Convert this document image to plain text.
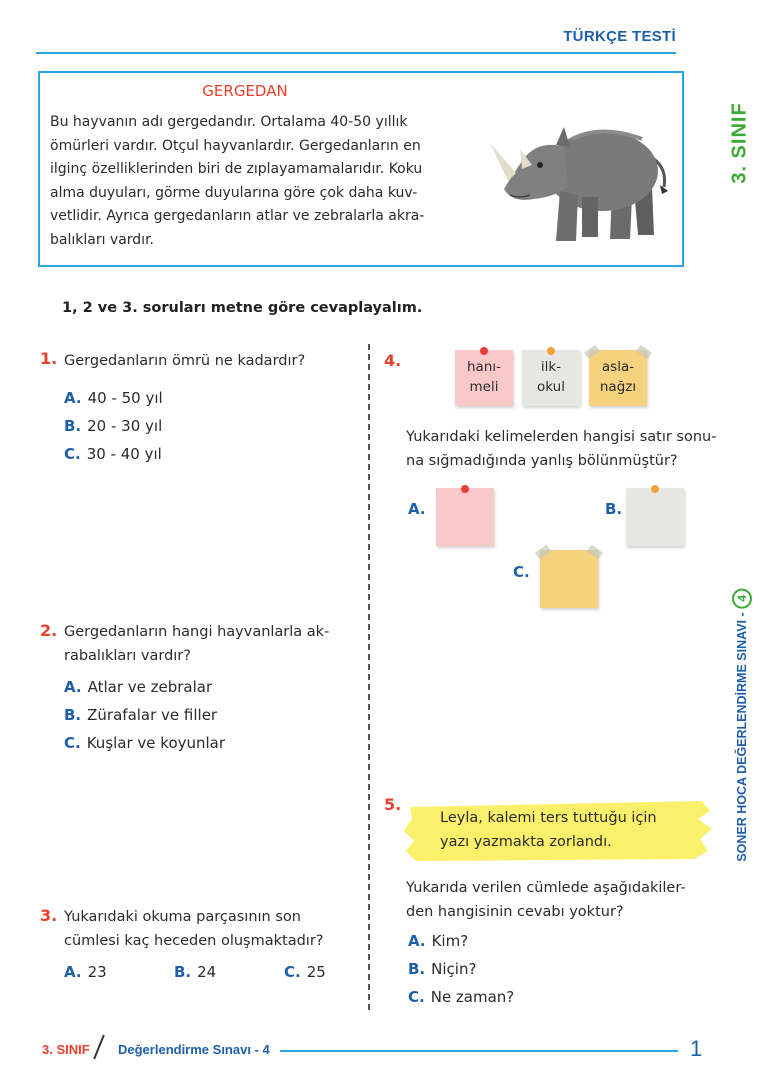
TÜRKÇE TESTİ
3. SINIF
SONER HOCA DEĞERLENDİRME SINAVI -
4
GERGEDAN
Bu hayvanın adı gergedandır. Ortalama 40-50 yıllık
ömürleri vardır. Otçul hayvanlardır. Gergedanların en
ilginç özelliklerinden biri de zıplayamamalarıdır. Koku
alma duyuları, görme duyularına göre çok daha kuv-
vetlidir. Ayrıca gergedanların atlar ve zebralarla akra-
balıkları vardır.
1, 2 ve 3. soruları metne göre cevaplayalım.
1. Gergedanların ömrü ne kadardır?
A. 40 - 50 yıl
B. 20 - 30 yıl
C. 30 - 40 yıl
2. Gergedanların hangi hayvanlarla ak-
rabalıkları vardır?
A. Atlar ve zebralar
B. Zürafalar ve filler
C. Kuşlar ve koyunlar
3. Yukarıdaki okuma parçasının son
cümlesi kaç heceden oluşmaktadır?
A. 23	B. 24	C. 25
4.	hanı-
meli
ilk-
okul
asla-
nağzı
Yukarıdaki kelimelerden hangisi satır sonu-
na sığmadığında yanlış bölünmüştür?
A.	B.
C.
5.
Leyla, kalemi ters tuttuğu için
yazı yazmakta zorlandı.
Yukarıda verilen cümlede aşağıdakiler-
den hangisinin cevabı yoktur?
A. Kim?
B. Niçin?
C. Ne zaman?
3. SINIF Değerlendirme Sınavı - 4	1
